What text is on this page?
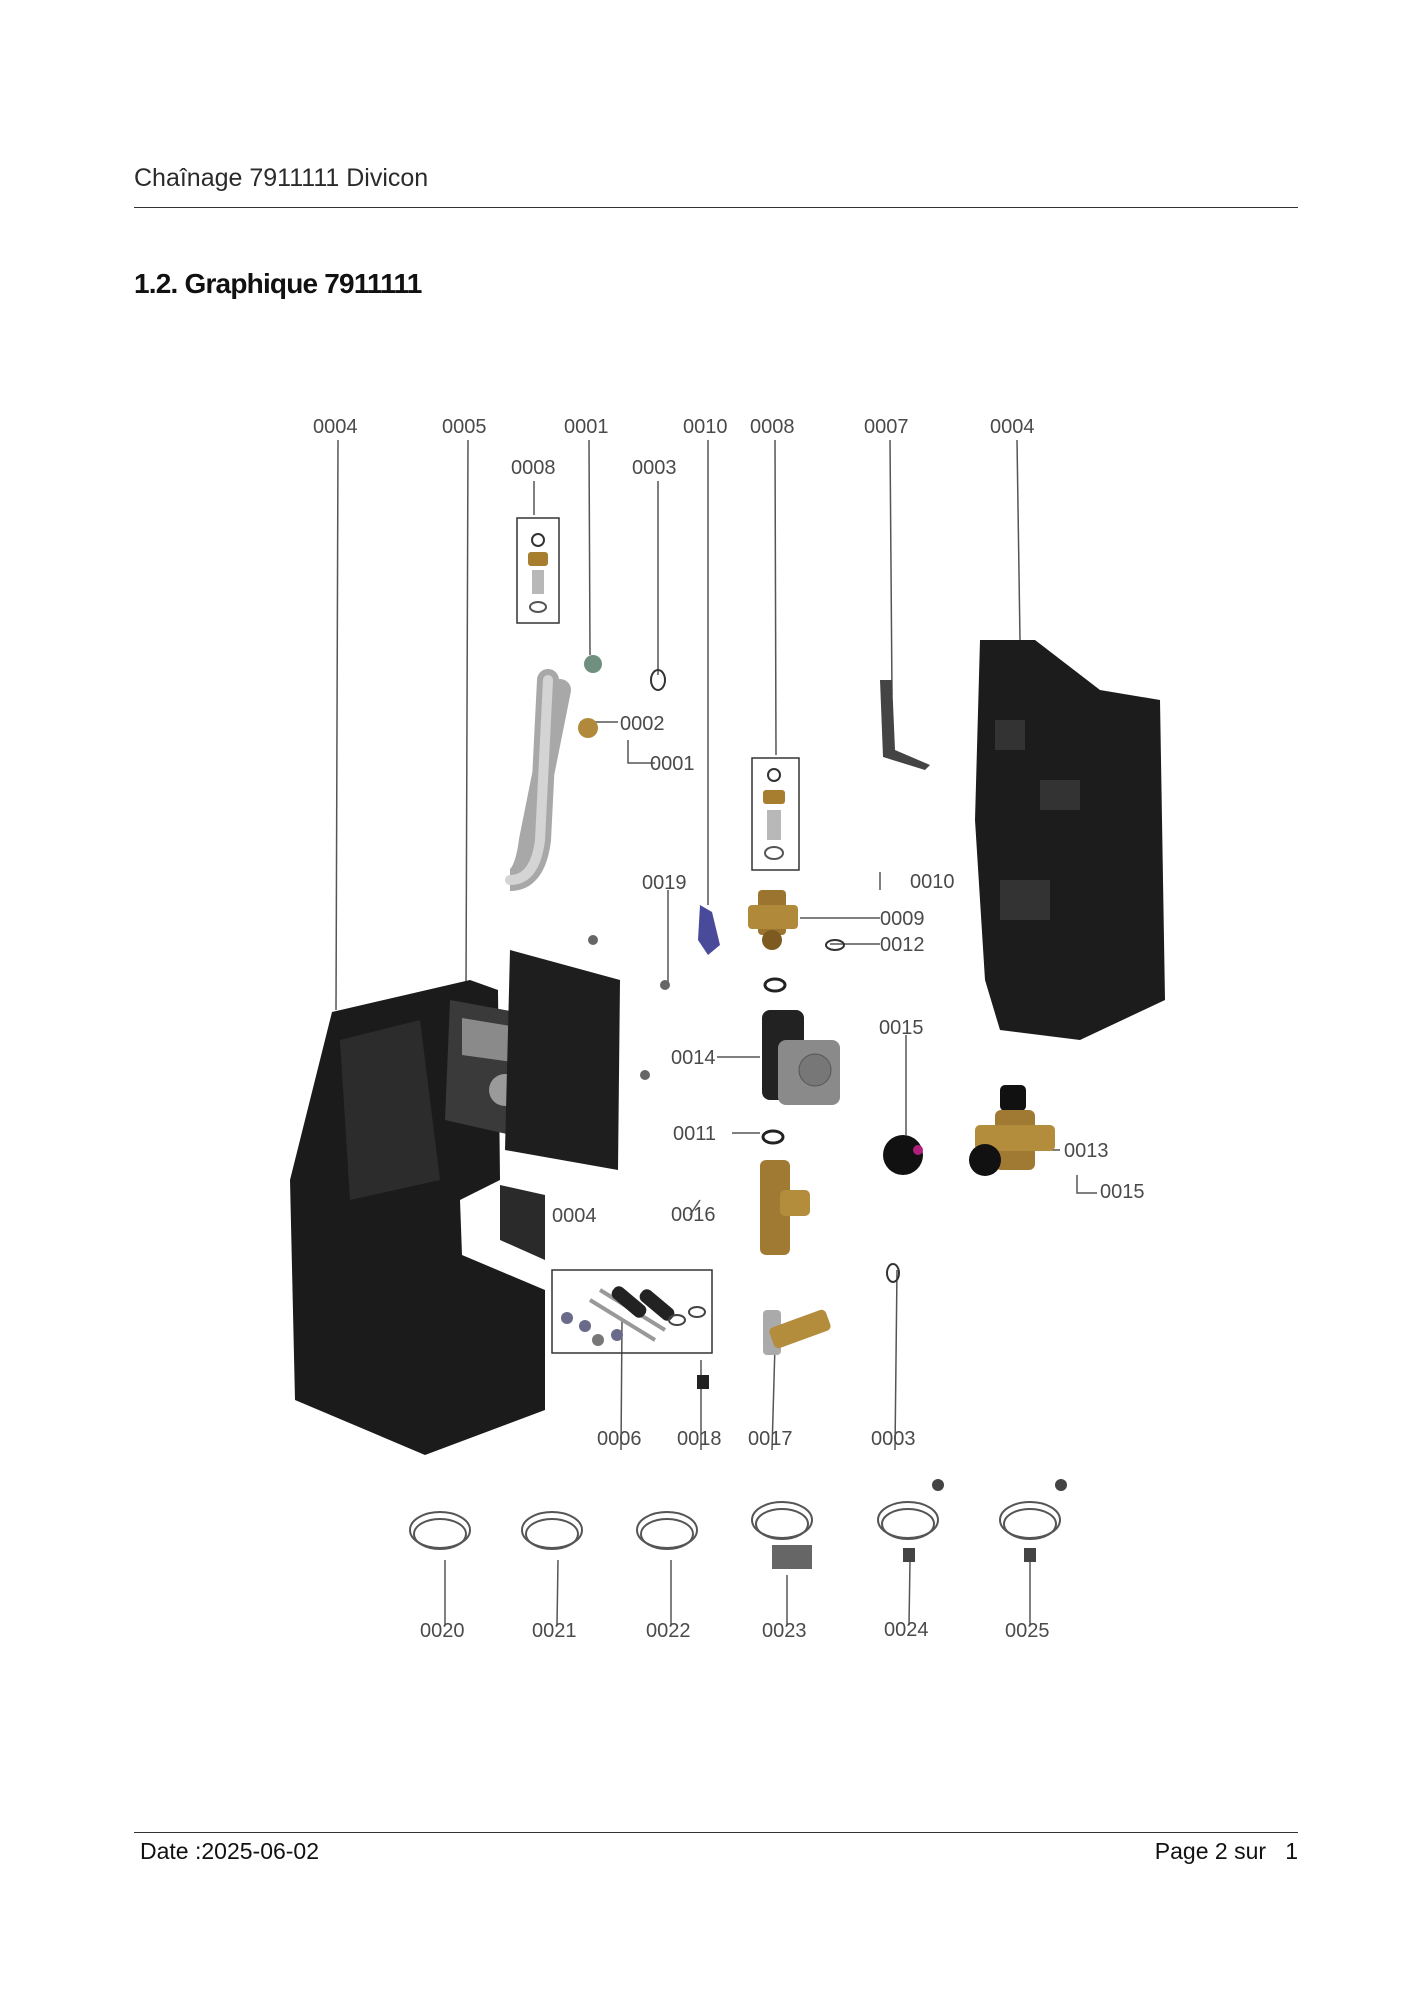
Chaînage 7911111 Divicon
1.2. Graphique 7911111
0004	0005	0001	0010 0008	0007	0004
0008	0003
0002
0001
0019	0010
0009
0012
0015
0014
0011
0004	0016
0013
0015
0006 0018 0017	0003
0020	0021	0022	0023	0024	0025
Date :2025-06-02	Page 2 sur   1
